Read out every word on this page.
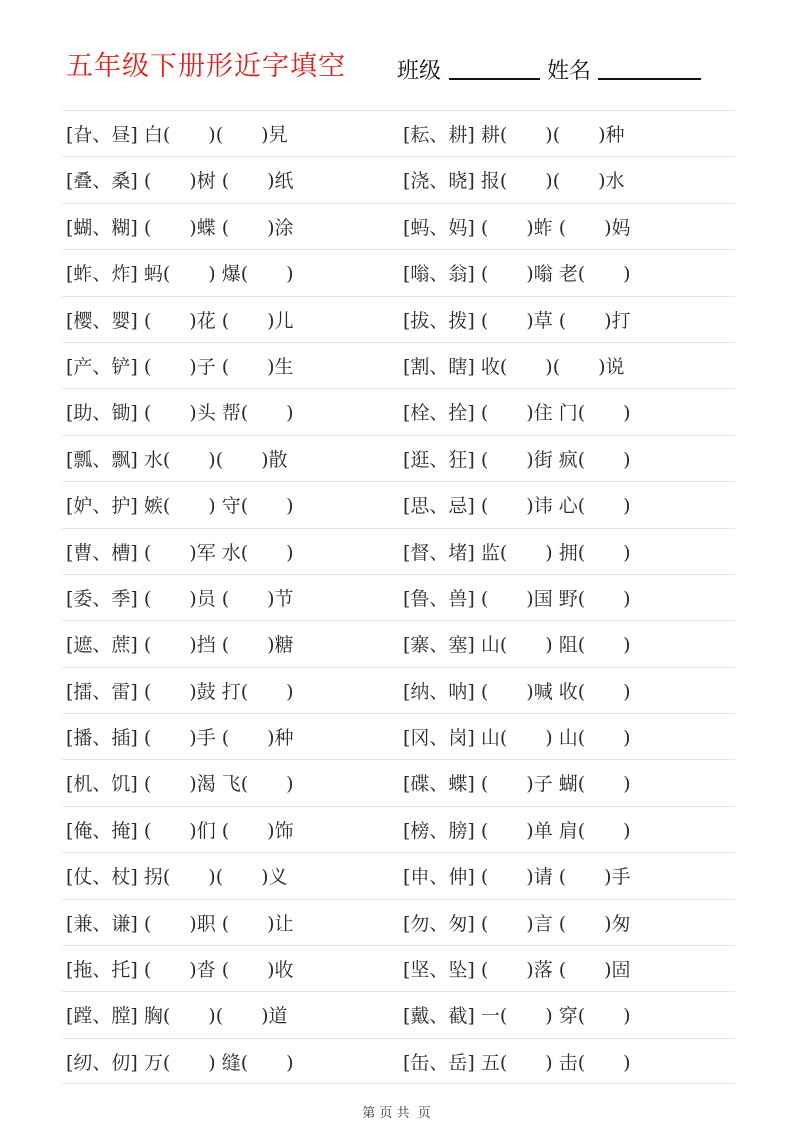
五年级下册形近字填空 班级	姓名
[旮、昼] 白(　　)(　　)旯	[耘、耕] 耕(　　)(　　)种
[叠、桑] (　　)树 (　　)纸	[浇、晓] 报(　　)(　　)水
[蝴、糊] (　　)蝶 (　　)涂	[蚂、妈] (　　)蚱 (　　)妈
[蚱、炸] 蚂(　　) 爆(　　)	[嗡、翁] (　　)嗡 老(　　)
[樱、婴] (　　)花 (　　)儿	[拔、拨] (　　)草 (　　)打
[产、铲] (　　)子 (　　)生	[割、瞎] 收(　　)(　　)说
[助、锄] (　　)头 帮(　　)	[栓、拴] (　　)住 门(　　)
[瓢、飘] 水(　　)(　　)散	[逛、狂] (　　)街 疯(　　)
[妒、护] 嫉(　　) 守(　　)	[思、忌] (　　)讳 心(　　)
[曹、槽] (　　)军 水(　　)	[督、堵] 监(　　) 拥(　　)
[委、季] (　　)员 (　　)节	[鲁、兽] (　　)国 野(　　)
[遮、蔗] (　　)挡 (　　)糖	[寨、塞] 山(　　) 阻(　　)
[擂、雷] (　　)鼓 打(　　)	[纳、呐] (　　)喊 收(　　)
[播、插] (　　)手 (　　)种	[冈、岗] 山(　　) 山(　　)
[机、饥] (　　)渴 飞(　　)	[碟、蝶] (　　)子 蝴(　　)
[俺、掩] (　　)们 (　　)饰	[榜、膀] (　　)单 肩(　　)
[仗、杖] 拐(　　)(　　)义	[申、伸] (　　)请 (　　)手
[兼、谦] (　　)职 (　　)让	[勿、匆] (　　)言 (　　)匆
[拖、托] (　　)沓 (　　)收	[坚、坠] (　　)落 (　　)固
[蹚、膛] 胸(　　)(　　)道	[戴、截] 一(　　) 穿(　　)
[纫、仞] 万(　　) 缝(　　)	[缶、岳] 五(　　) 击(　　)
第 页 共  页
